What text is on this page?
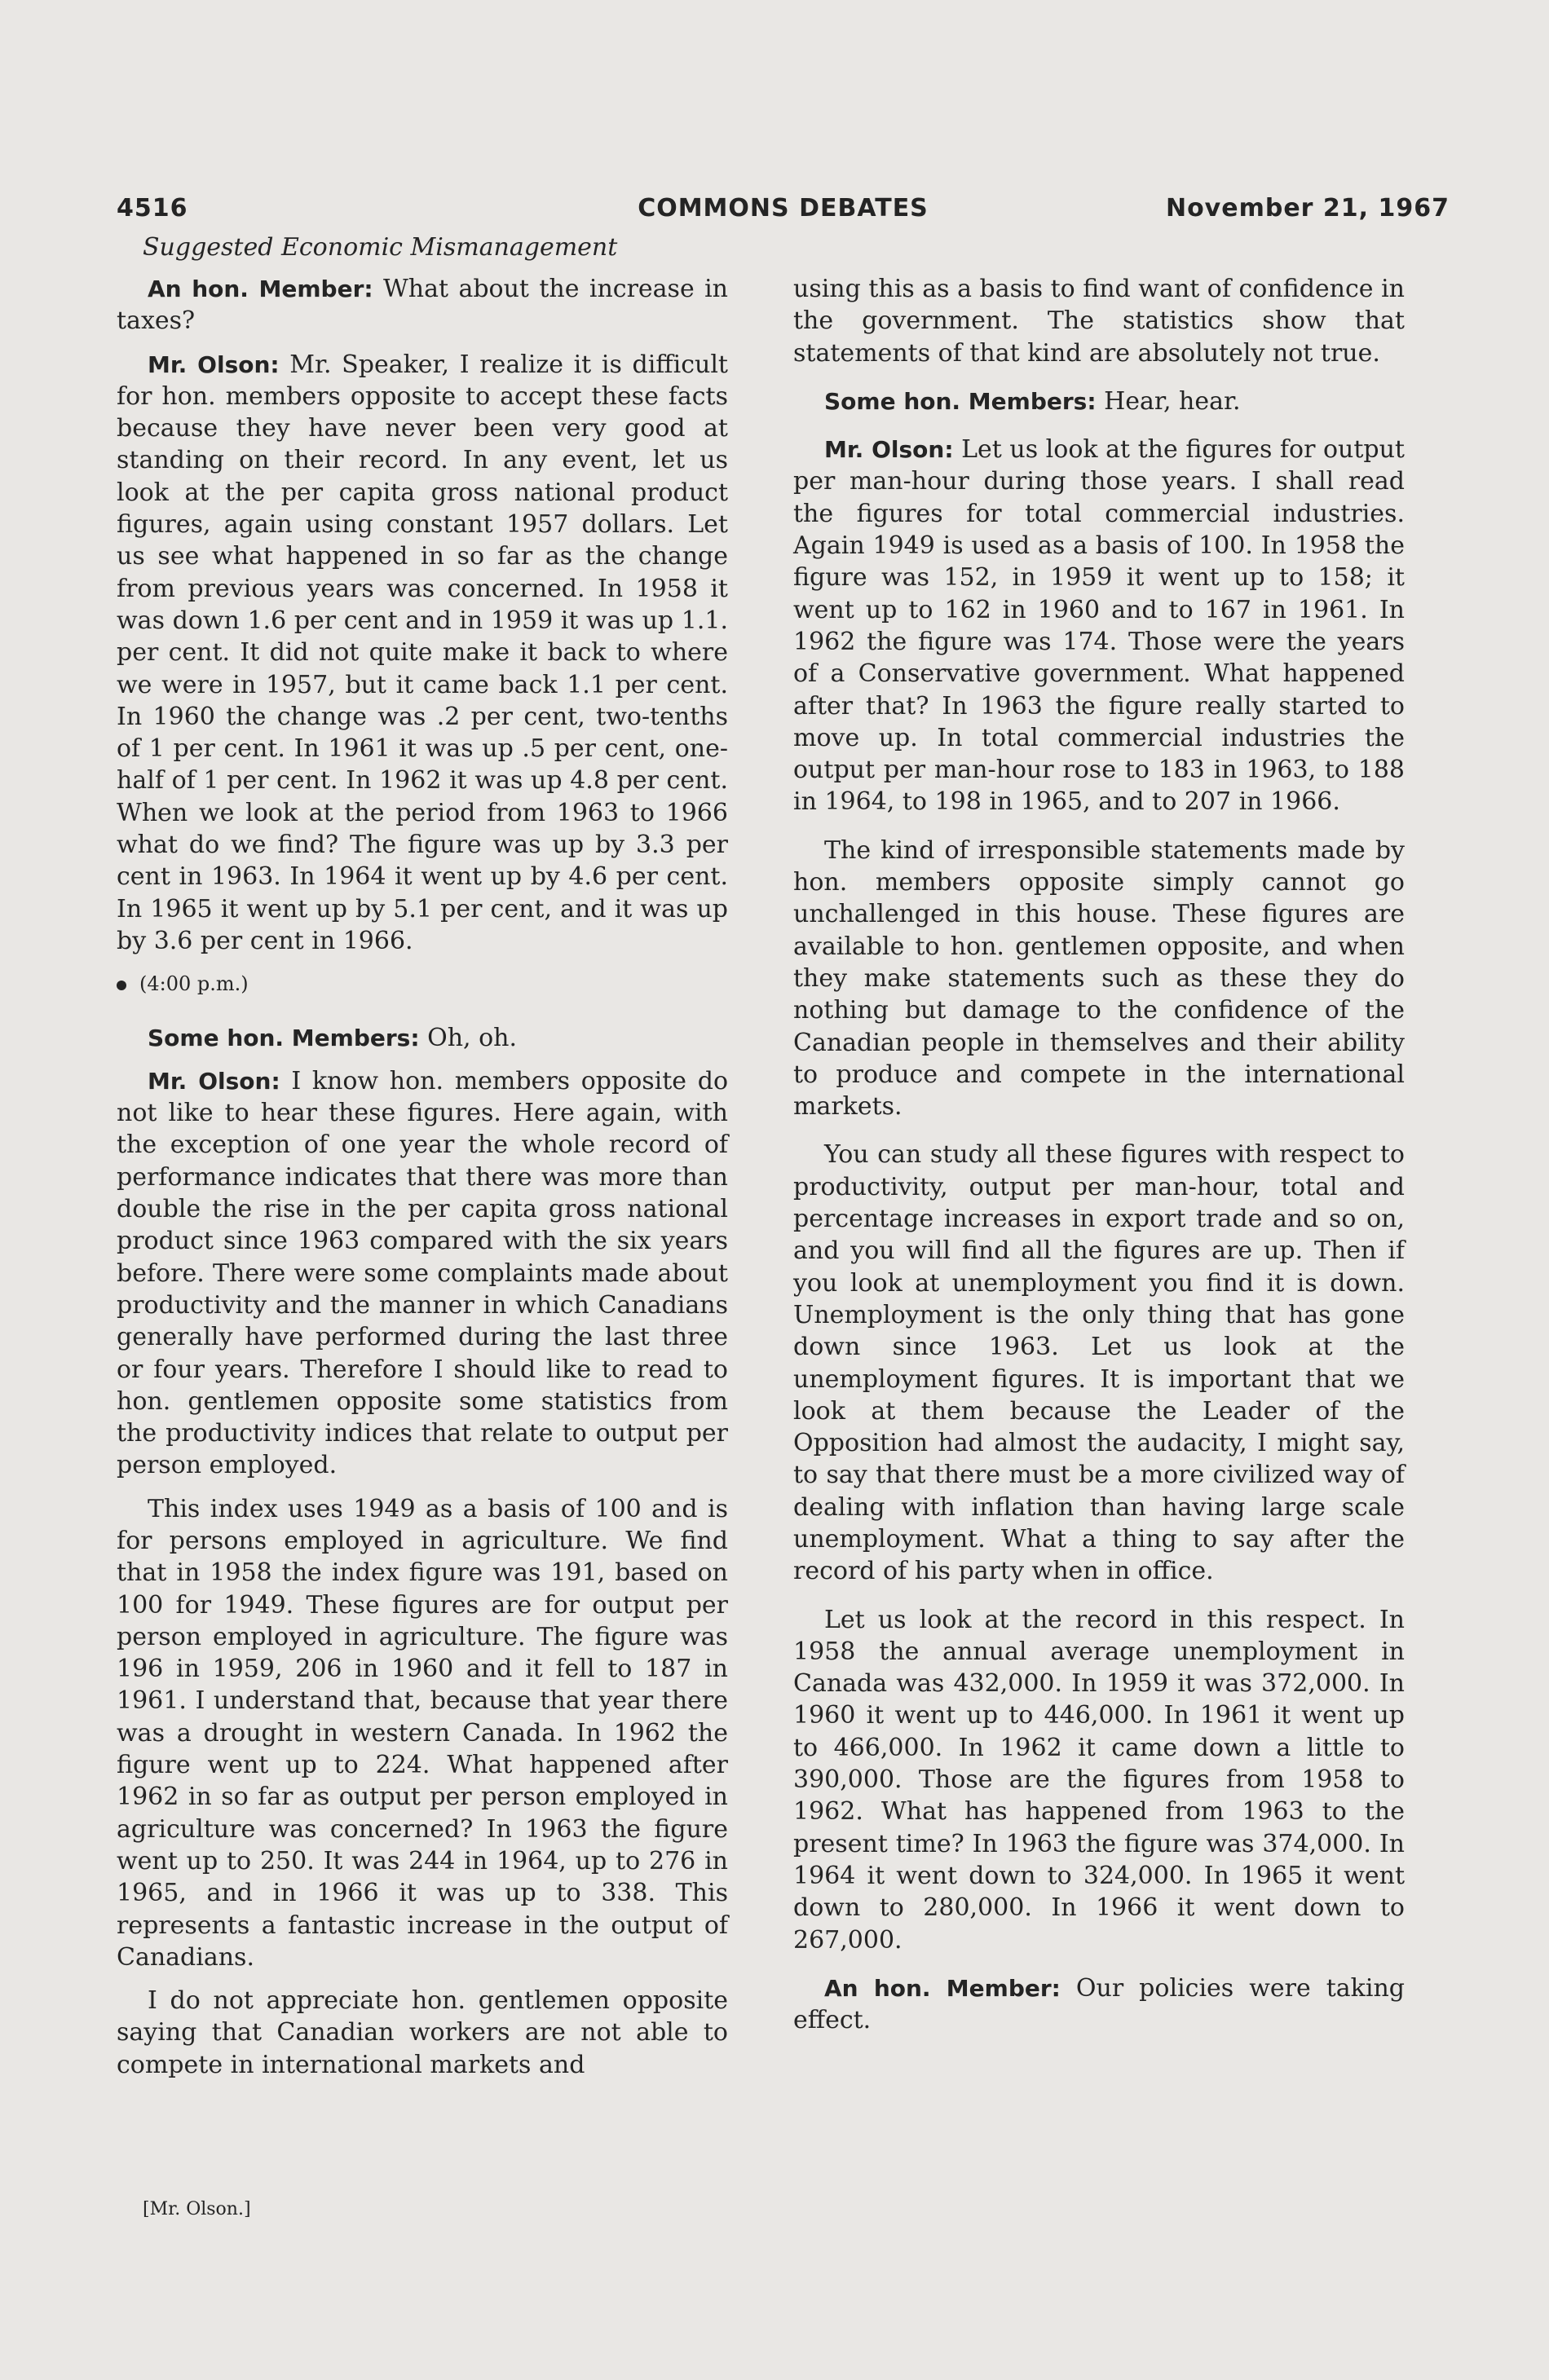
4516	COMMONS DEBATES	November 21, 1967
Suggested Economic Mismanagement

An hon. Member: What about the increase in taxes?

Mr. Olson: Mr. Speaker, I realize it is difficult for hon. members opposite to accept these facts because they have never been very good at standing on their record. In any event, let us look at the per capita gross national product figures, again using constant 1957 dollars. Let us see what happened in so far as the change from previous years was concerned. In 1958 it was down 1.6 per cent and in 1959 it was up 1.1. per cent. It did not quite make it back to where we were in 1957, but it came back 1.1 per cent. In 1960 the change was .2 per cent, two-tenths of 1 per cent. In 1961 it was up .5 per cent, one-half of 1 per cent. In 1962 it was up 4.8 per cent. When we look at the period from 1963 to 1966 what do we find? The figure was up by 3.3 per cent in 1963. In 1964 it went up by 4.6 per cent. In 1965 it went up by 5.1 per cent, and it was up by 3.6 per cent in 1966.

(4:00 p.m.)

Some hon. Members: Oh, oh.

Mr. Olson: I know hon. members opposite do not like to hear these figures. Here again, with the exception of one year the whole record of performance indicates that there was more than double the rise in the per capita gross national product since 1963 compared with the six years before. There were some complaints made about productivity and the manner in which Canadians generally have performed during the last three or four years. Therefore I should like to read to hon. gentlemen opposite some statistics from the productivity indices that relate to output per person employed.

This index uses 1949 as a basis of 100 and is for persons employed in agriculture. We find that in 1958 the index figure was 191, based on 100 for 1949. These figures are for output per person employed in agriculture. The figure was 196 in 1959, 206 in 1960 and it fell to 187 in 1961. I understand that, because that year there was a drought in western Canada. In 1962 the figure went up to 224. What happened after 1962 in so far as output per person employed in agriculture was concerned? In 1963 the figure went up to 250. It was 244 in 1964, up to 276 in 1965, and in 1966 it was up to 338. This represents a fantastic increase in the output of Canadians.

I do not appreciate hon. gentlemen opposite saying that Canadian workers are not able to compete in international markets and

using this as a basis to find want of confidence in the government. The statistics show that statements of that kind are absolutely not true.

Some hon. Members: Hear, hear.

Mr. Olson: Let us look at the figures for output per man-hour during those years. I shall read the figures for total commercial industries. Again 1949 is used as a basis of 100. In 1958 the figure was 152, in 1959 it went up to 158; it went up to 162 in 1960 and to 167 in 1961. In 1962 the figure was 174. Those were the years of a Conservative government. What happened after that? In 1963 the figure really started to move up. In total commercial industries the output per man-hour rose to 183 in 1963, to 188 in 1964, to 198 in 1965, and to 207 in 1966.

The kind of irresponsible statements made by hon. members opposite simply cannot go unchallenged in this house. These figures are available to hon. gentlemen opposite, and when they make statements such as these they do nothing but damage to the confidence of the Canadian people in themselves and their ability to produce and compete in the international markets.

You can study all these figures with respect to productivity, output per man-hour, total and percentage increases in export trade and so on, and you will find all the figures are up. Then if you look at unemployment you find it is down. Unemployment is the only thing that has gone down since 1963. Let us look at the unemployment figures. It is important that we look at them because the Leader of the Opposition had almost the audacity, I might say, to say that there must be a more civilized way of dealing with inflation than having large scale unemployment. What a thing to say after the record of his party when in office.

Let us look at the record in this respect. In 1958 the annual average unemployment in Canada was 432,000. In 1959 it was 372,000. In 1960 it went up to 446,000. In 1961 it went up to 466,000. In 1962 it came down a little to 390,000. Those are the figures from 1958 to 1962. What has happened from 1963 to the present time? In 1963 the figure was 374,000. In 1964 it went down to 324,000. In 1965 it went down to 280,000. In 1966 it went down to 267,000.

An hon. Member: Our policies were taking effect.

[Mr. Olson.]
